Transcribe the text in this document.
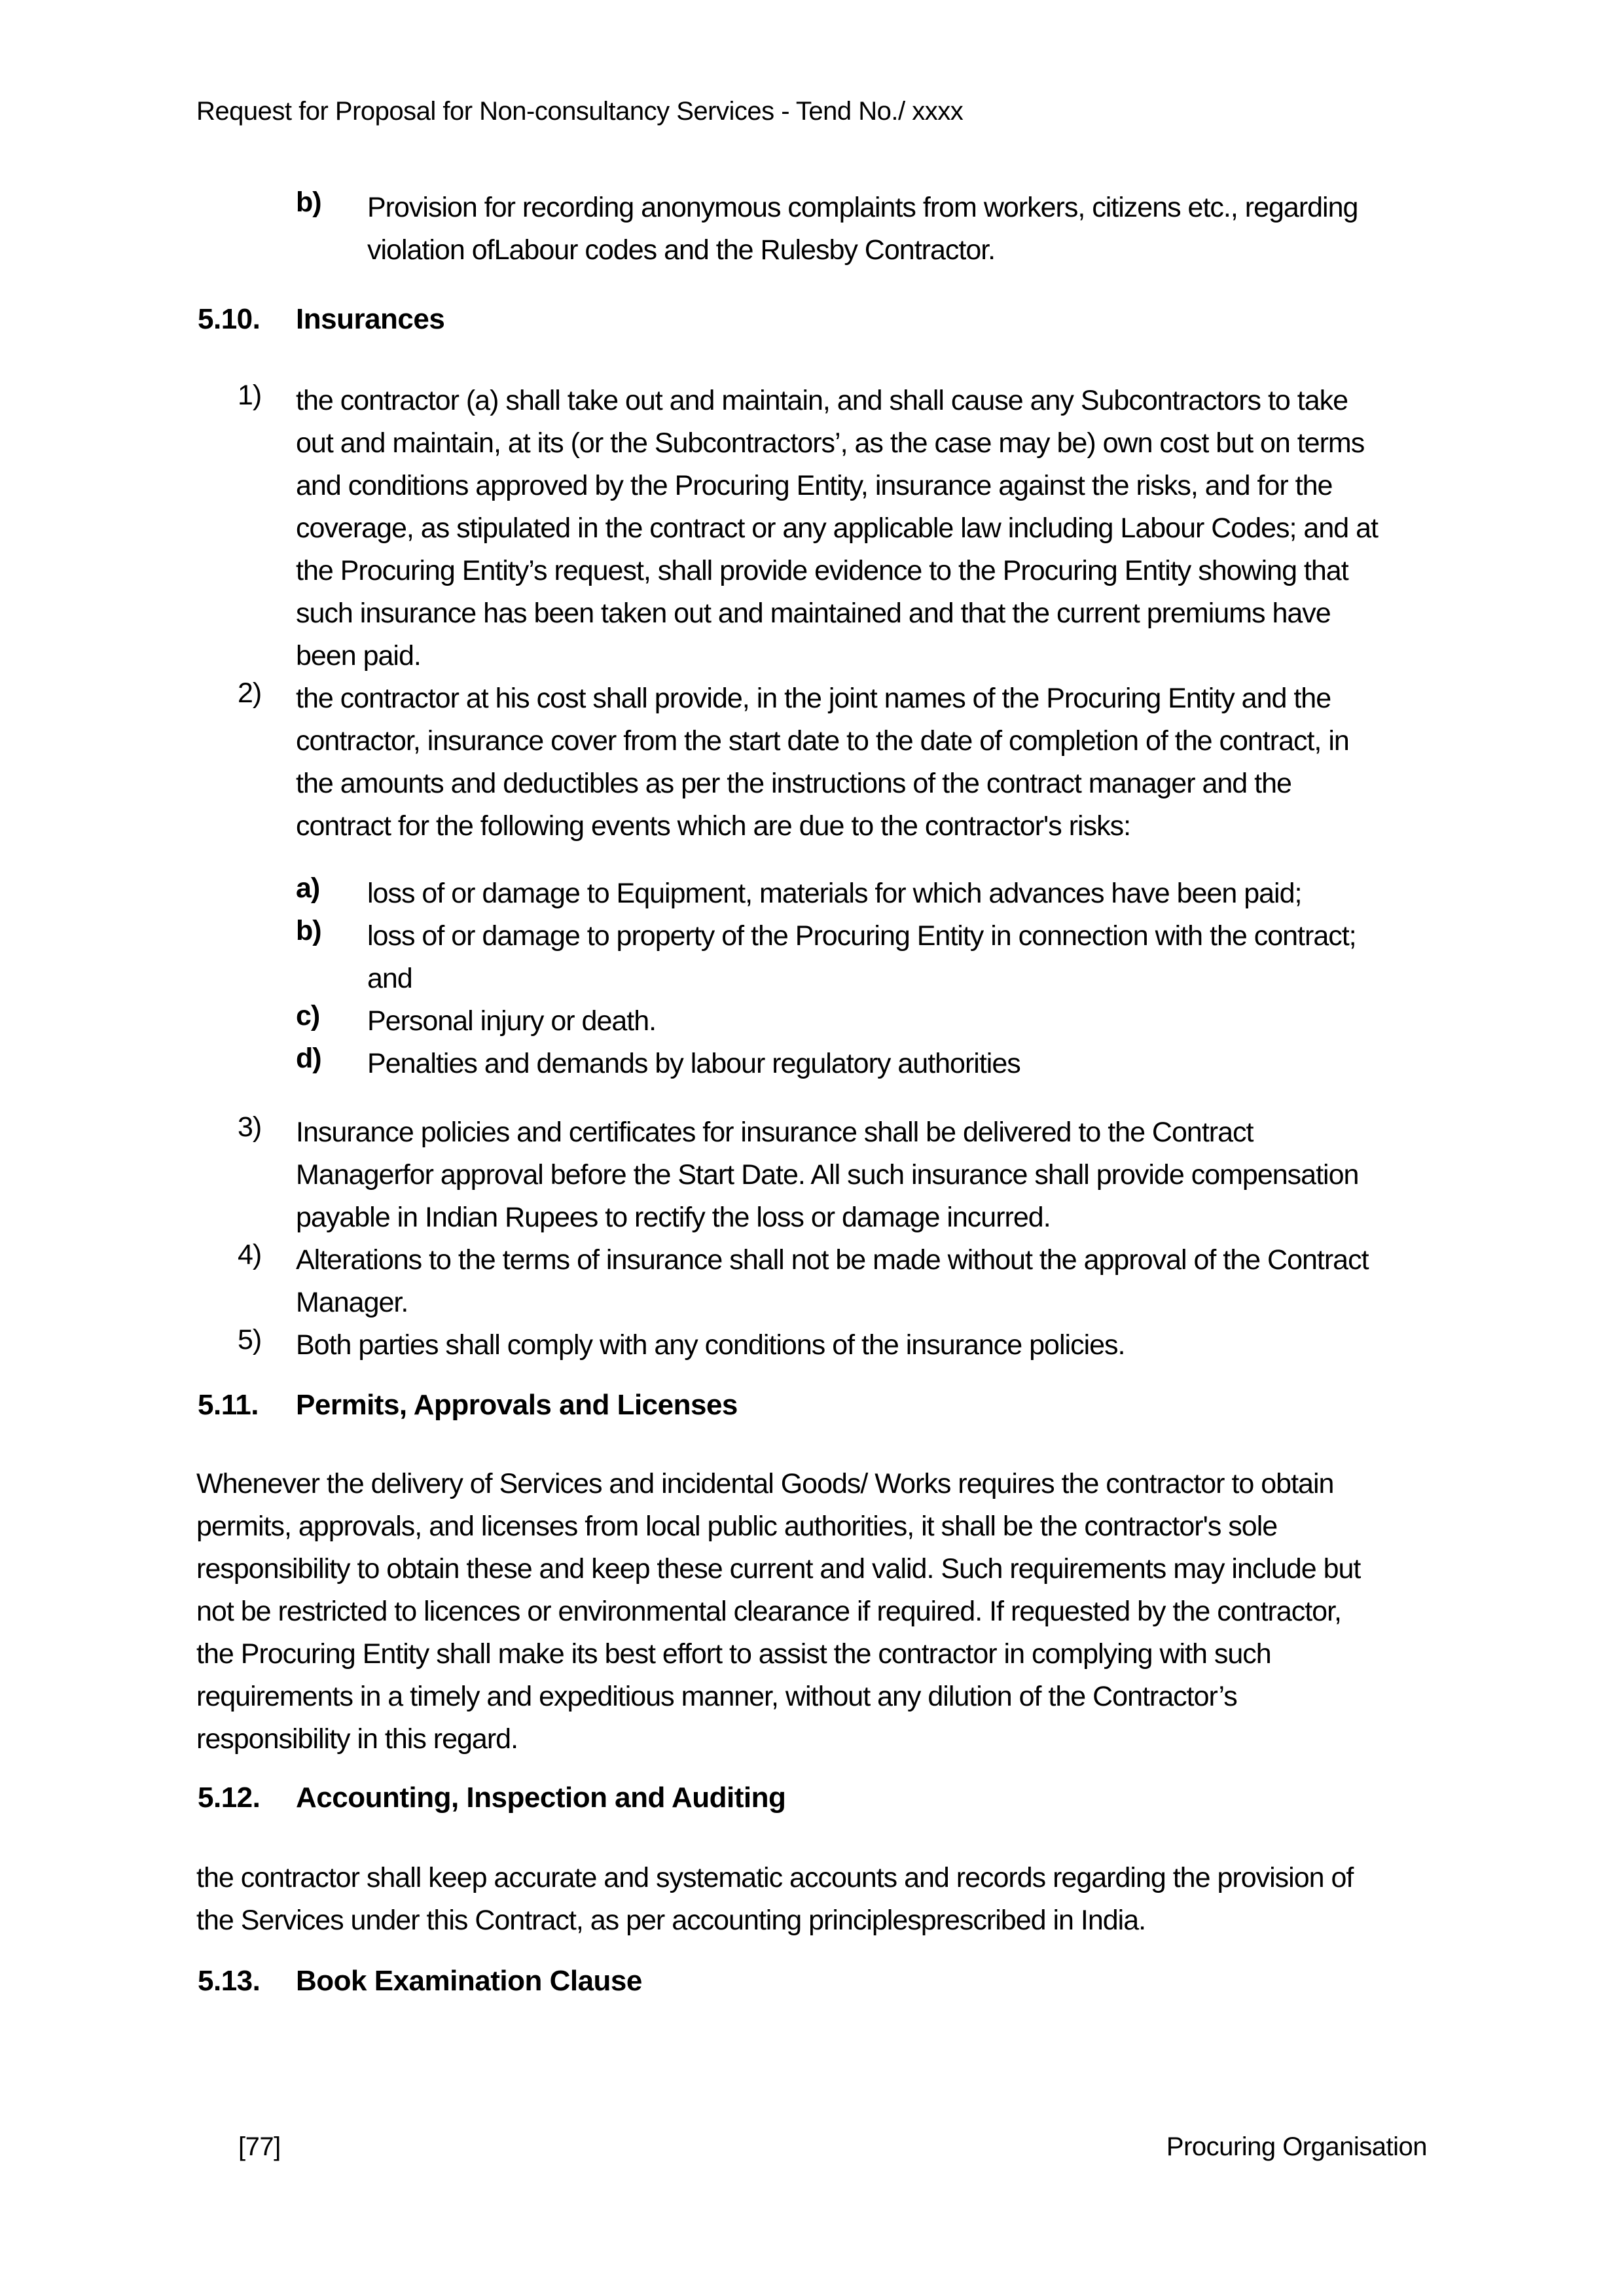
Request for Proposal for Non-consultancy Services - Tend No./ xxxx
b)	Provision for recording anonymous complaints from workers, citizens etc., regarding
violation ofLabour codes and the Rulesby Contractor.
5.10.	Insurances
1)	the contractor (a) shall take out and maintain, and shall cause any Subcontractors to take
out and maintain, at its (or the Subcontractors’, as the case may be) own cost but on terms
and conditions approved by the Procuring Entity, insurance against the risks, and for the
coverage, as stipulated in the contract or any applicable law including Labour Codes; and at
the Procuring Entity’s request, shall provide evidence to the Procuring Entity showing that
such insurance has been taken out and maintained and that the current premiums have
been paid.
2)	the contractor at his cost shall provide, in the joint names of the Procuring Entity and the
contractor, insurance cover from the start date to the date of completion of the contract, in
the amounts and deductibles as per the instructions of the contract manager and the
contract for the following events which are due to the contractor's risks:
a)	loss of or damage to Equipment, materials for which advances have been paid;
b)	loss of or damage to property of the Procuring Entity in connection with the contract;
and
c)	Personal injury or death.
d)	Penalties and demands by labour regulatory authorities
3)	Insurance policies and certificates for insurance shall be delivered to the Contract
Managerfor approval before the Start Date. All such insurance shall provide compensation
payable in Indian Rupees to rectify the loss or damage incurred.
4)	Alterations to the terms of insurance shall not be made without the approval of the Contract
Manager.
5)	Both parties shall comply with any conditions of the insurance policies.
5.11.	Permits, Approvals and Licenses
Whenever the delivery of Services and incidental Goods/ Works requires the contractor to obtain
permits, approvals, and licenses from local public authorities, it shall be the contractor's sole
responsibility to obtain these and keep these current and valid. Such requirements may include but
not be restricted to licences or environmental clearance if required. If requested by the contractor,
the Procuring Entity shall make its best effort to assist the contractor in complying with such
requirements in a timely and expeditious manner, without any dilution of the Contractor’s
responsibility in this regard.
5.12.	Accounting, Inspection and Auditing
the contractor shall keep accurate and systematic accounts and records regarding the provision of
the Services under this Contract, as per accounting principlesprescribed in India.
5.13.	Book Examination Clause
[77]	Procuring Organisation
